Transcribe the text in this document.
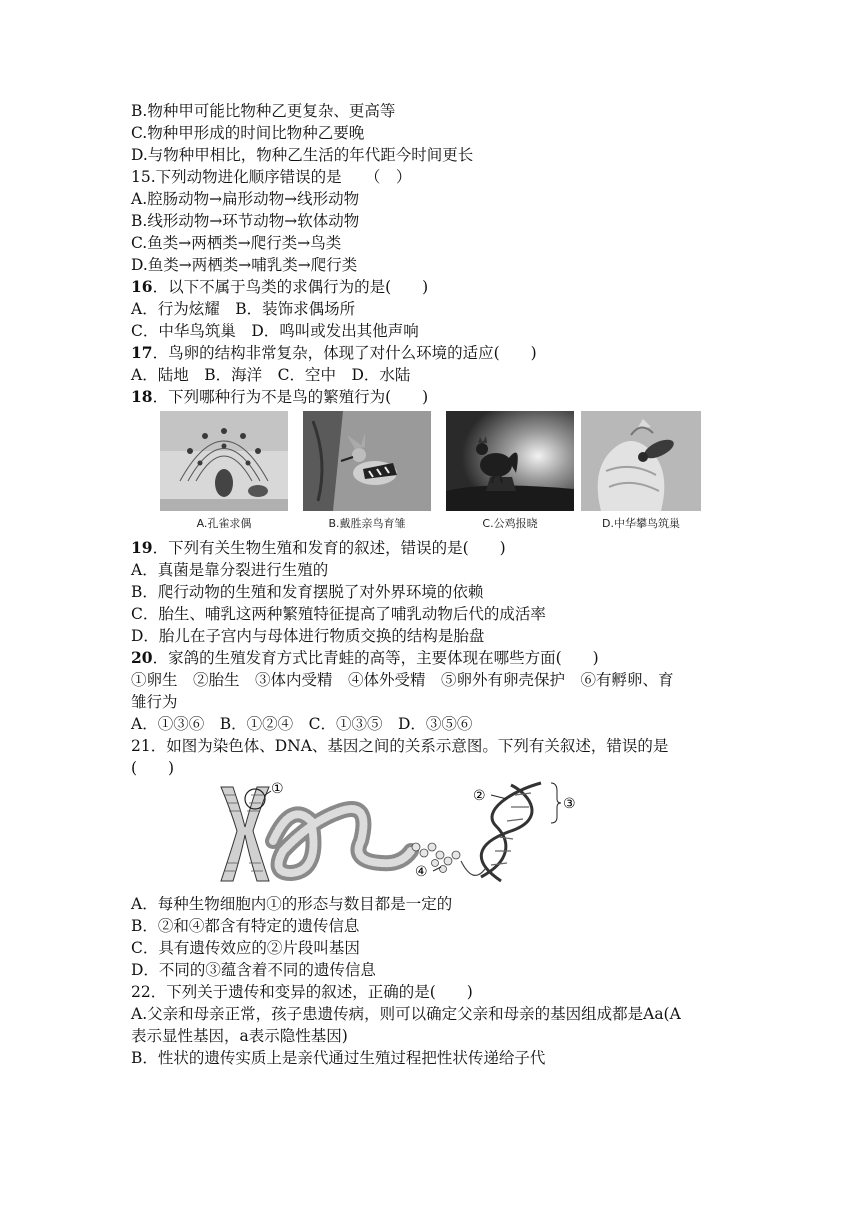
B.物种甲可能比物种乙更复杂、更高等
C.物种甲形成的时间比物种乙要晚
D.与物种甲相比，物种乙生活的年代距今时间更长
15.下列动物进化顺序错误的是　　（　）
A.腔肠动物→扁形动物→线形动物
B.线形动物→环节动物→软体动物
C.鱼类→两栖类→爬行类→鸟类
D.鱼类→两栖类→哺乳类→爬行类
16．以下不属于鸟类的求偶行为的是(　　)
A．行为炫耀　B．装饰求偶场所
C．中华鸟筑巢　D．鸣叫或发出其他声响
17．鸟卵的结构非常复杂，体现了对什么环境的适应(　　)
A．陆地　B．海洋　C．空中　D．水陆
18．下列哪种行为不是鸟的繁殖行为(　　)
A.孔雀求偶	B.戴胜亲鸟育雏	C.公鸡报晓	D.中华攀鸟筑巢
19．下列有关生物生殖和发育的叙述，错误的是(　　)
A．真菌是靠分裂进行生殖的
B．爬行动物的生殖和发育摆脱了对外界环境的依赖
C．胎生、哺乳这两种繁殖特征提高了哺乳动物后代的成活率
D．胎儿在子宫内与母体进行物质交换的结构是胎盘
20．家鸽的生殖发育方式比青蛙的高等，主要体现在哪些方面(　　)
①卵生　②胎生　③体内受精　④体外受精　⑤卵外有卵壳保护　⑥有孵卵、育
雏行为
A．①③⑥　B．①②④　C．①③⑤　D．③⑤⑥
21．如图为染色体、DNA、基因之间的关系示意图。下列有关叙述，错误的是
(　　)
②	③
①
④
A．每种生物细胞内①的形态与数目都是一定的
B．②和④都含有特定的遗传信息
C．具有遗传效应的②片段叫基因
D．不同的③蕴含着不同的遗传信息
22．下列关于遗传和变异的叙述，正确的是(　　)
A.父亲和母亲正常，孩子患遗传病，则可以确定父亲和母亲的基因组成都是Aa(A
表示显性基因，a表示隐性基因)
B．性状的遗传实质上是亲代通过生殖过程把性状传递给子代
